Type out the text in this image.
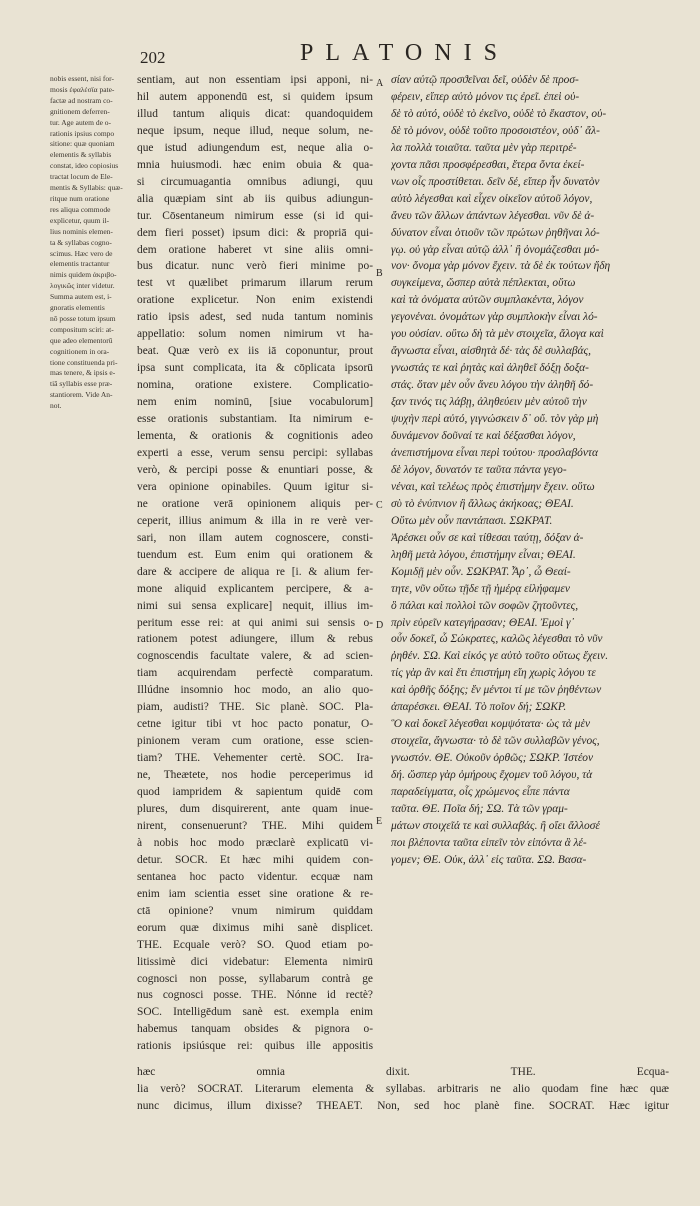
202	PLATONIS
nobis essent, nisi for-
mosis ἐφαλέσϊα pate-
factæ ad nostram co-
gnitionem deferren-
tur. Age autem de o-
rationis ipsius compo
sitione: quæ quoniam
elementis & syllabis
constat, ideo copiosius
tractat locum de Ele-
mentis & Syllabis: quæ-
ritque num oratione
res aliqua commode
explicetur, quum il-
lius nominis elemen-
ta & syllabas cogno-
scimus. Hæc vero de
elementis tractantur
nimis quidem ἀκριβο-
λογικῶς inter videtur.
Summa autem est, i-
gnoratis elementis
nō posse totum ipsum
compositum sciri: at-
que adeo elementorū
cognitionem in ora-
tione constituenda pri-
mas tenere, & ipsis e-
tiā syllabis esse præ-
stantiorem. Vide An-
not.
sentiam, aut non essentiam ipsi apponi, ni-
hil autem apponendū est, si quidem ipsum
illud tantum aliquis dicat: quandoquidem
neque ipsum, neque illud, neque solum, ne-
que istud adiungendum est, neque alia o-
mnia huiusmodi. hæc enim obuia & qua-
si circumuagantia omnibus adiungi, quu
alia quæpiam sint ab iis quibus adiungun-
tur. Cōsentaneum nimirum esse (si id qui-
dem fieri posset) ipsum dici: & propriā qui-
dem oratione haberet vt sine aliis omni-
bus dicatur. nunc verò fieri minime po-
test vt quælibet primarum illarum rerum
oratione explicetur. Non enim existendi
ratio ipsis adest, sed nuda tantum nominis
appellatio: solum nomen nimirum vt ha-
beat. Quæ verò ex iis iā coponuntur, prout
ipsa sunt complicata, ita & cōplicata ipsorū
nomina, oratione existere. Complicatio-
nem enim nominū, [siue vocabulorum]
esse orationis substantiam. Ita nimirum e-
lementa, & orationis & cognitionis adeo
experti a esse, verum sensu percipi: syllabas
verò, & percipi posse & enuntiari posse, &
vera opinione opinabiles. Quum igitur si-
ne oratione verā opinionem aliquis per-
ceperit, illius animum & illa in re verè ver-
sari, non illam autem cognoscere, consti-
tuendum est. Eum enim qui orationem &
dare & accipere de aliqua re [i. & alium fer-
mone aliquid explicantem percipere, & a-
nimi sui sensa explicare] nequit, illius im-
peritum esse rei: at qui animi sui sensis o-
rationem potest adiungere, illum & rebus
cognoscendis facultate valere, & ad scien-
tiam acquirendam perfectè comparatum.
Illúdne insomnio hoc modo, an alio quo-
piam, audisti? THE. Sic planè. SOC. Pla-
cetne igitur tibi vt hoc pacto ponatur, O-
pinionem veram cum oratione, esse scien-
tiam? THE. Vehementer certè. SOC. Ira-
ne, Theætete, nos hodie perceperimus id
quod iampridem & sapientum quidē com
plures, dum disquirerent, ante quam inue-
nirent, consenuerunt? THE. Mihi quidem
à nobis hoc modo præclarè explicatū vi-
detur. SOCR. Et hæc mihi quidem con-
sentanea hoc pacto videntur. ecquæ nam
enim iam scientia esset sine oratione & re-
ctā opinione? vnum nimirum quiddam
eorum quæ diximus mihi sanè displicet.
THE. Ecquale verò? SO. Quod etiam po-
litissimè dici videbatur: Elementa nimirū
cognosci non posse, syllabarum contrà ge
nus cognosci posse. THE. Nónne id rectè?
SOC. Intelligēdum sanè est. exempla enim
habemus tanquam obsides & pignora o-
rationis ipsiúsque rei: quibus ille appositis
A
B
C
D
E
σίαν αὐτῷ προσϑεῖναι δεῖ, οὐδὲν δὲ προσ-
φέρειν, εἴπερ αὐτὸ μόνον τις ἐρεῖ. ἐπεὶ οὐ-
δὲ τὸ αὐτό, οὐδὲ τὸ ἐκεῖνο, οὐδὲ τὸ ἕκαστον, οὐ-
δὲ τὸ μόνον, οὐδὲ τοῦτο προσοιστέον, οὐδ᾽ ἄλ-
λα πολλὰ τοιαῦτα. ταῦτα μὲν γὰρ περιτρέ-
χοντα πᾶσι προσφέρεσθαι, ἕτερα ὄντα ἐκεί-
νων οἷς προστίθεται. δεῖν δέ, εἴπερ ἦν δυνατὸν
αὐτὸ λέγεσθαι καὶ εἶχεν οἰκεῖον αὐτοῦ λόγον,
ἄνευ τῶν ἄλλων ἁπάντων λέγεσθαι. νῦν δὲ ἀ-
δύνατον εἶναι ὁτιοῦν τῶν πρώτων ῥηθῆναι λό-
γῳ. οὐ γὰρ εἶναι αὐτῷ ἀλλ᾽ ἢ ὀνομάζεσθαι μό-
νον· ὄνομα γὰρ μόνον ἔχειν. τὰ δὲ ἐκ τούτων ἤδη
συγκείμενα, ὥσπερ αὐτὰ πέπλεκται, οὕτω
καὶ τὰ ὀνόματα αὐτῶν συμπλακέντα, λόγον
γεγονέναι. ὀνομάτων γὰρ συμπλοκὴν εἶναι λό-
γου οὐσίαν. οὕτω δὴ τὰ μὲν στοιχεῖα, ἄλογα καὶ
ἄγνωστα εἶναι, αἰσθητὰ δέ· τὰς δὲ συλλαβάς,
γνωστάς τε καὶ ῥητὰς καὶ ἀληθεῖ δόξῃ δοξα-
στάς. ὅταν μὲν οὖν ἄνευ λόγου τὴν ἀληθῆ δό-
ξαν τινός τις λάβῃ, ἀληθεύειν μὲν αὐτοῦ τὴν
ψυχὴν περὶ αὐτό, γιγνώσκειν δ᾽ οὔ. τὸν γὰρ μὴ
δυνάμενον δοῦναί τε καὶ δέξασθαι λόγον,
ἀνεπιστήμονα εἶναι περὶ τούτου· προσλαβόντα
δὲ λόγον, δυνατόν τε ταῦτα πάντα γεγο-
νέναι, καὶ τελέως πρὸς ἐπιστήμην ἔχειν. οὕτω
σὺ τὸ ἐνύπνιον ἢ ἄλλως ἀκήκοας; ΘΕΑΙ.
Οὕτω μὲν οὖν παντάπασι. ΣΩΚΡΑΤ.
Ἀρέσκει οὖν σε καὶ τίθεσαι ταύτῃ, δόξαν ἀ-
ληθῆ μετὰ λόγου, ἐπιστήμην εἶναι; ΘΕΑΙ.
Κομιδῇ μὲν οὖν. ΣΩΚΡΑΤ. Ἆρ᾽, ὦ Θεαί-
τητε, νῦν οὕτω τῇδε τῇ ἡμέρᾳ εἰλήφαμεν
ὃ πάλαι καὶ πολλοὶ τῶν σοφῶν ζητοῦντες,
πρὶν εὑρεῖν κατεγήρασαν; ΘΕΑΙ. Ἐμοὶ γ᾽
οὖν δοκεῖ, ὦ Σώκρατες, καλῶς λέγεσθαι τὸ νῦν
ῥηθέν. ΣΩ. Καὶ εἰκός γε αὐτὸ τοῦτο οὕτως ἔχειν.
τίς γὰρ ἂν καὶ ἔτι ἐπιστήμη εἴη χωρὶς λόγου τε
καὶ ὀρθῆς δόξης; ἕν μέντοι τί με τῶν ῥηθέντων
ἀπαρέσκει. ΘΕΑΙ. Τὸ ποῖον δή; ΣΩΚΡ.
Ὃ καὶ δοκεῖ λέγεσθαι κομψότατα· ὡς τὰ μὲν
στοιχεῖα, ἄγνωστα· τὸ δὲ τῶν συλλαβῶν γένος,
γνωστόν. ΘΕ. Οὐκοῦν ὀρθῶς; ΣΩΚΡ. Ἰστέον
δή. ὥσπερ γὰρ ὁμήρους ἔχομεν τοῦ λόγου, τὰ
παραδείγματα, οἷς χρώμενος εἶπε πάντα
ταῦτα. ΘΕ. Ποῖα δή; ΣΩ. Τὰ τῶν γραμ-
μάτων στοιχεῖά τε καὶ συλλαβάς. ἢ οἴει ἄλλοσέ
ποι βλέποντα ταῦτα εἰπεῖν τὸν εἰπόντα ἃ λέ-
γομεν; ΘΕ. Οὐκ, ἀλλ᾽ εἰς ταῦτα. ΣΩ. Βασα-
hæc omnia dixit. THE. Ecqua-
lia verò? SOCRAT. Literarum elementa & syllabas. arbitraris ne alio quodam fine hæc quæ
nunc dicimus, illum dixisse? THEAET. Non, sed hoc planè fine. SOCRAT. Hæc igitur
